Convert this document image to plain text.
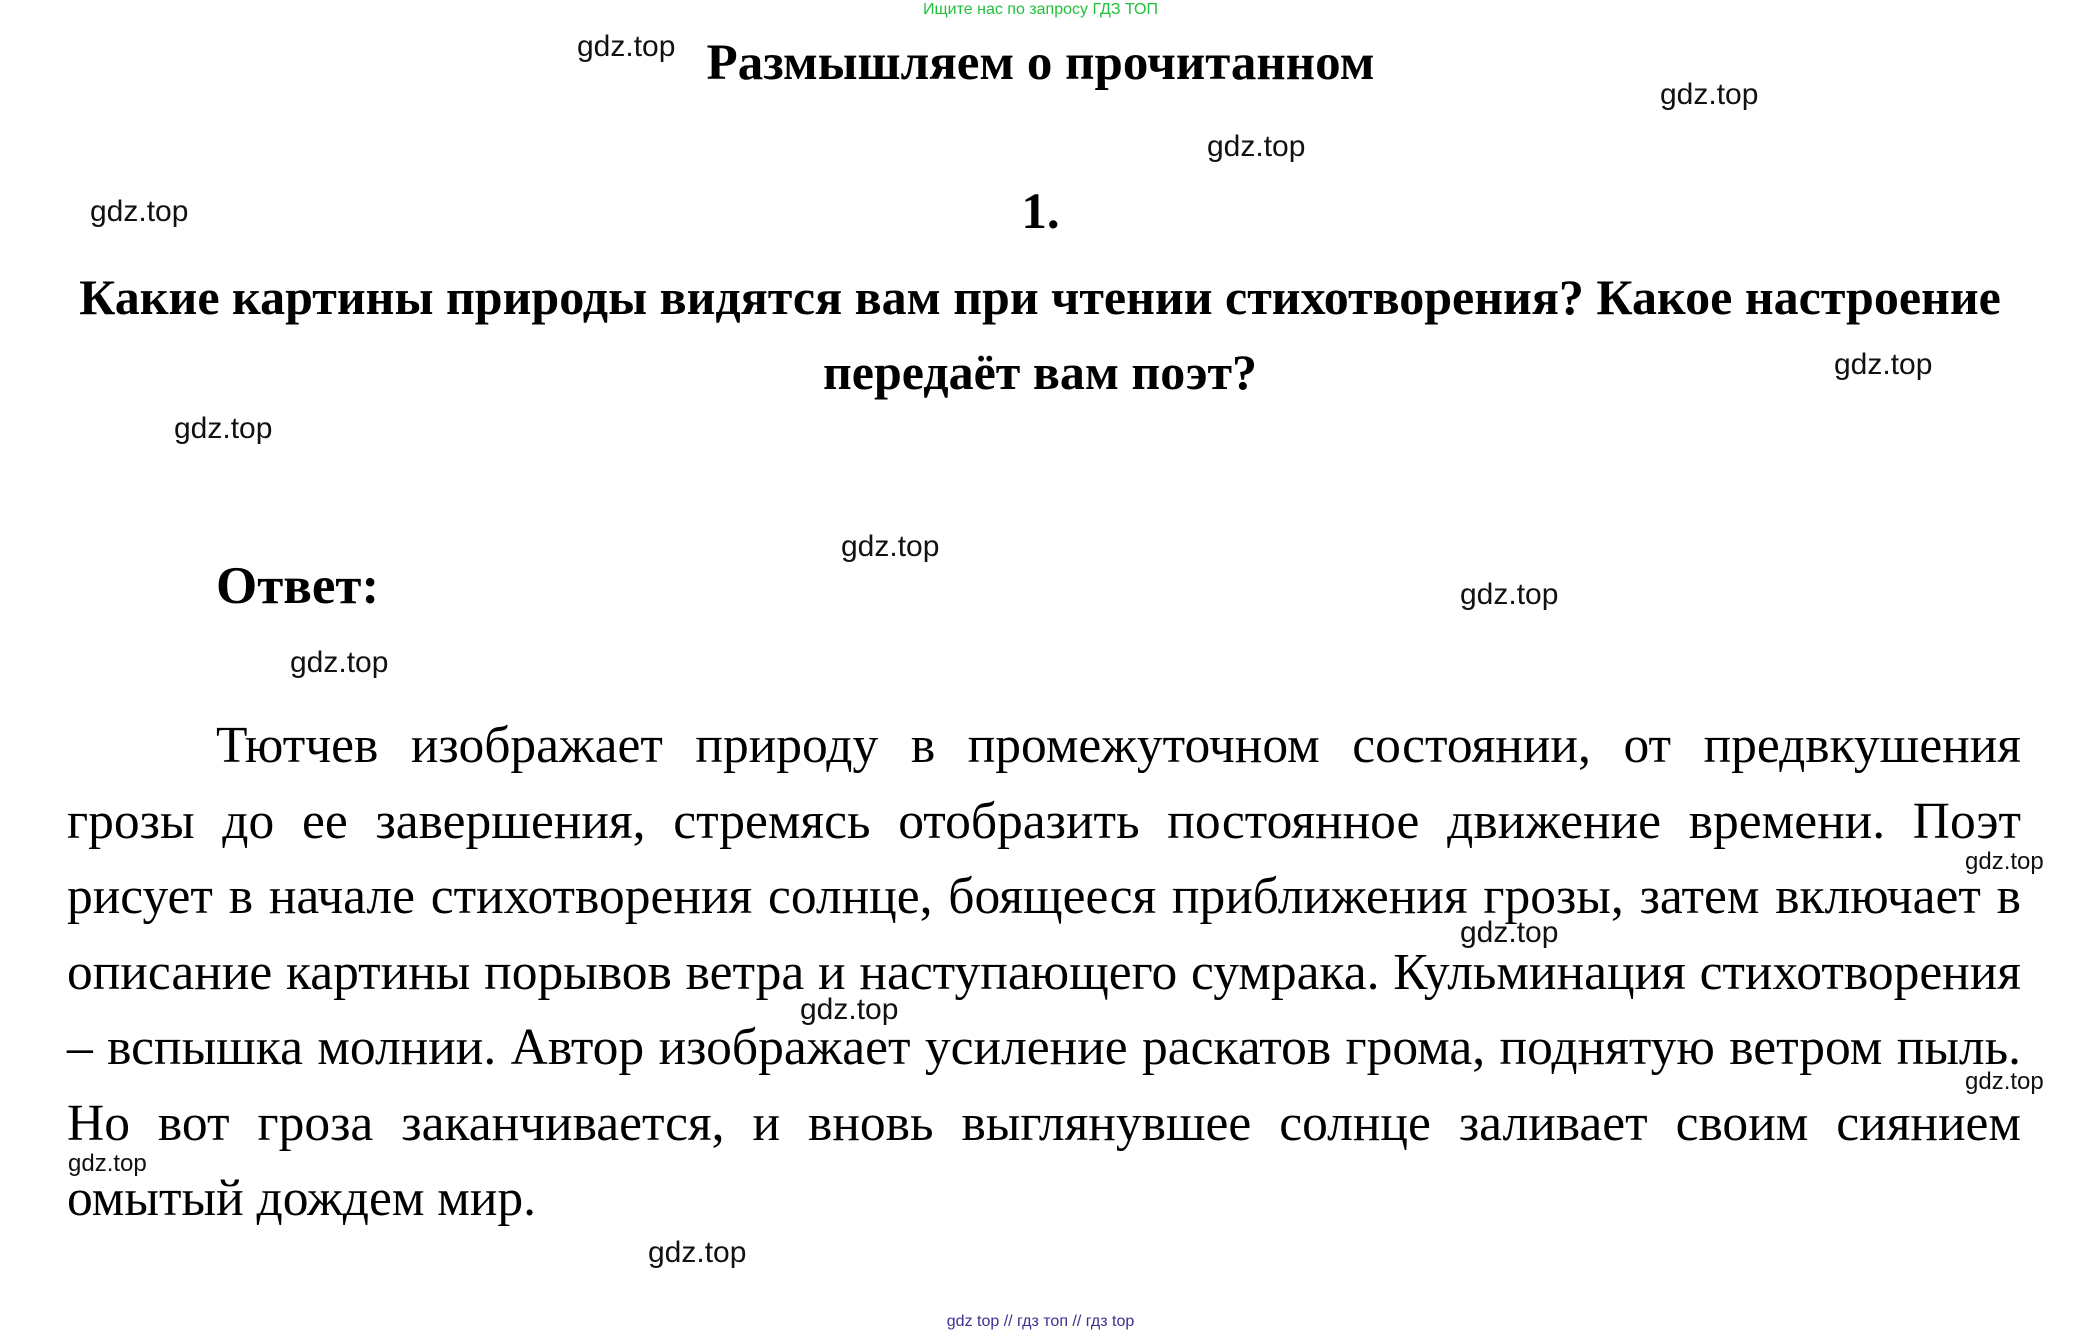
Ищите нас по запросу ГДЗ ТОП
Размышляем о прочитанном
1.
Какие картины природы видятся вам при чтении стихотворения? Какое настроение передаёт вам поэт?
Ответ:

Тютчев изображает природу в промежуточном состоянии, от предвкушения грозы до ее завершения, стремясь отобразить постоянное движение времени. Поэт рисует в начале стихотворения солнце, боящееся приближения грозы, затем включает в описание картины порывов ветра и наступающего сумрака. Кульминация стихотворения – вспышка молнии. Автор изображает усиление раскатов грома, поднятую ветром пыль. Но вот гроза заканчивается, и вновь выглянувшее солнце заливает своим сиянием омытый дождем мир.

gdz.top
gdz.top
gdz.top
gdz.top
gdz.top
gdz.top
gdz.top
gdz.top
gdz.top
gdz.top
gdz.top
gdz.top
gdz.top
gdz.top
gdz.top
gdz top // гдз топ // гдз top
